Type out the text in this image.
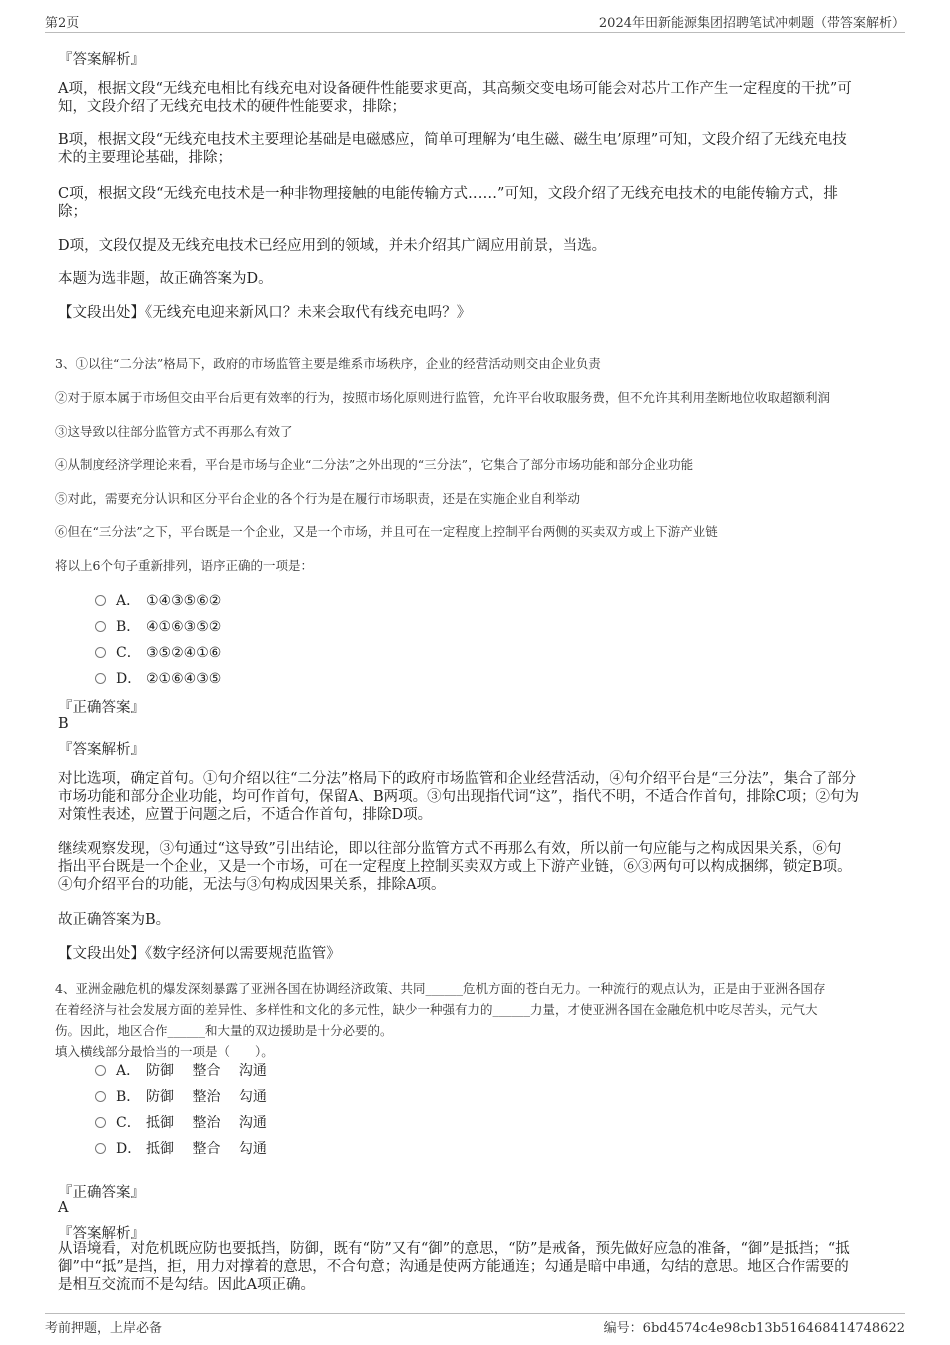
第2页	2024年田新能源集团招聘笔试冲刺题（带答案解析）
『答案解析』
A项，根据文段“无线充电相比有线充电对设备硬件性能要求更高，其高频交变电场可能会对芯片工作产生一定程度的干扰”可
知，文段介绍了无线充电技术的硬件性能要求，排除；
B项，根据文段“无线充电技术主要理论基础是电磁感应，简单可理解为‘电生磁、磁生电’原理”可知，文段介绍了无线充电技
术的主要理论基础，排除；
C项，根据文段“无线充电技术是一种非物理接触的电能传输方式……”可知，文段介绍了无线充电技术的电能传输方式，排
除；
D项，文段仅提及无线充电技术已经应用到的领域，并未介绍其广阔应用前景，当选。
本题为选非题，故正确答案为D。
【文段出处】《无线充电迎来新风口？未来会取代有线充电吗？》
3、①以往“二分法”格局下，政府的市场监管主要是维系市场秩序，企业的经营活动则交由企业负责
②对于原本属于市场但交由平台后更有效率的行为，按照市场化原则进行监管，允许平台收取服务费，但不允许其利用垄断地位收取超额利润
③这导致以往部分监管方式不再那么有效了
④从制度经济学理论来看，平台是市场与企业“二分法”之外出现的“三分法”，它集合了部分市场功能和部分企业功能
⑤对此，需要充分认识和区分平台企业的各个行为是在履行市场职责，还是在实施企业自利举动
⑥但在“三分法”之下，平台既是一个企业，又是一个市场，并且可在一定程度上控制平台两侧的买卖双方或上下游产业链
将以上6个句子重新排列，语序正确的一项是：
A． ①④③⑤⑥②
B． ④①⑥③⑤②
C． ③⑤②④①⑥
D． ②①⑥④③⑤
『正确答案』
B
『答案解析』
对比选项，确定首句。①句介绍以往“二分法”格局下的政府市场监管和企业经营活动，④句介绍平台是“三分法”，集合了部分
市场功能和部分企业功能，均可作首句，保留A、B两项。③句出现指代词“这”，指代不明，不适合作首句，排除C项；②句为
对策性表述，应置于问题之后，不适合作首句，排除D项。
继续观察发现，③句通过“这导致”引出结论，即以往部分监管方式不再那么有效，所以前一句应能与之构成因果关系，⑥句
指出平台既是一个企业，又是一个市场，可在一定程度上控制买卖双方或上下游产业链，⑥③两句可以构成捆绑，锁定B项。
④句介绍平台的功能，无法与③句构成因果关系，排除A项。
故正确答案为B。
【文段出处】《数字经济何以需要规范监管》
4、亚洲金融危机的爆发深刻暴露了亚洲各国在协调经济政策、共同______危机方面的苍白无力。一种流行的观点认为，正是由于亚洲各国存
在着经济与社会发展方面的差异性、多样性和文化的多元性，缺少一种强有力的______力量，才使亚洲各国在金融危机中吃尽苦头，元气大
伤。因此，地区合作______和大量的双边援助是十分必要的。
填入横线部分最恰当的一项是（　　）。
A． 防御　 整合　 沟通
B． 防御　 整治　 勾通
C． 抵御　 整治　 沟通
D． 抵御　 整合　 勾通
『正确答案』
A
『答案解析』
从语境看，对危机既应防也要抵挡，防御，既有“防”又有“御”的意思，“防”是戒备，预先做好应急的准备，“御”是抵挡；“抵
御”中“抵”是挡，拒，用力对撑着的意思，不合句意；沟通是使两方能通连；勾通是暗中串通，勾结的意思。地区合作需要的
是相互交流而不是勾结。因此A项正确。
考前押题，上岸必备	编号：6bd4574c4e98cb13b516468414748622
